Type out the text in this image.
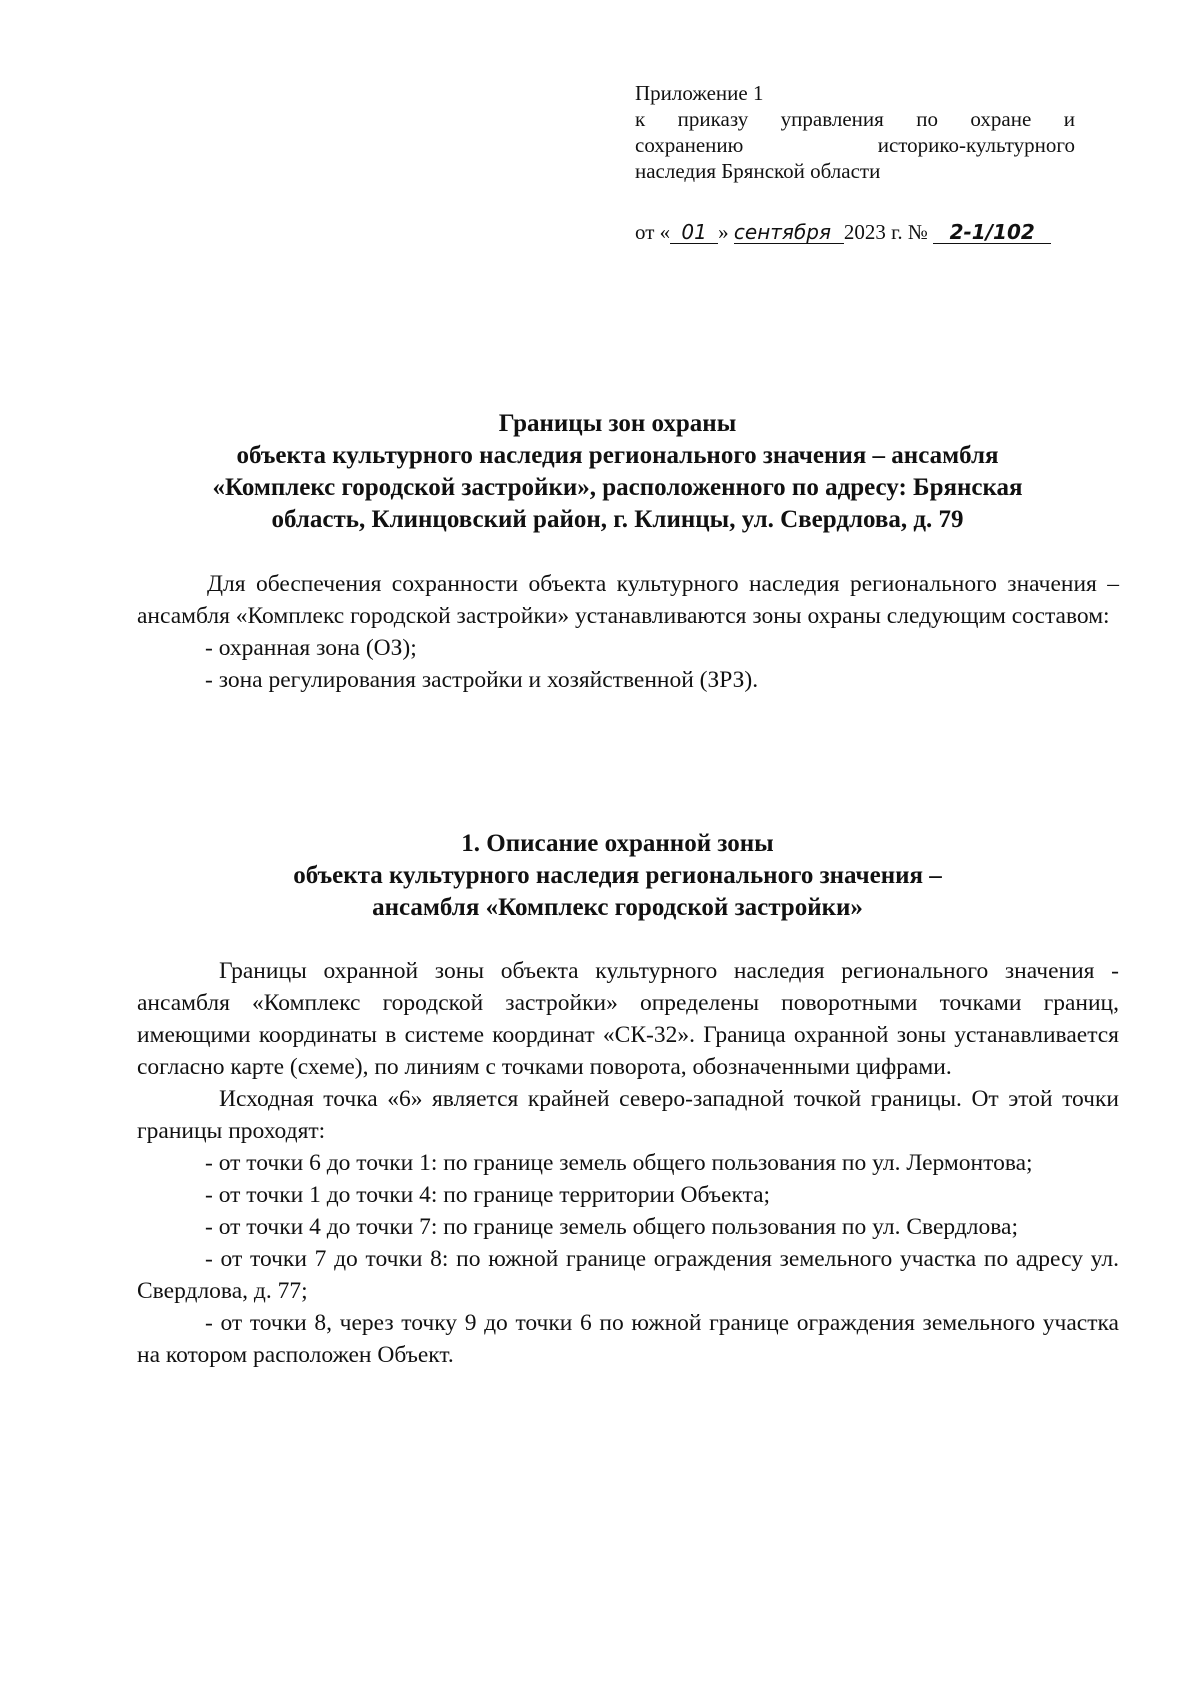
Приложение 1
к приказу управления по охране и
сохранению историко-культурного
наследия Брянской области
от « 01 » сентября 2023 г. № 2-1/102
Границы зон охраны
объекта культурного наследия регионального значения – ансамбля
«Комплекс городской застройки», расположенного по адресу: Брянская
область, Клинцовский район, г. Клинцы, ул. Свердлова, д. 79
Для обеспечения сохранности объекта культурного наследия регионального значения – ансамбля «Комплекс городской застройки» устанавливаются зоны охраны следующим составом:
- охранная зона (ОЗ);
- зона регулирования застройки и хозяйственной (ЗРЗ).
1. Описание охранной зоны
объекта культурного наследия регионального значения –
ансамбля «Комплекс городской застройки»
Границы охранной зоны объекта культурного наследия регионального значения - ансамбля «Комплекс городской застройки» определены поворотными точками границ, имеющими координаты в системе координат «СК-32». Граница охранной зоны устанавливается согласно карте (схеме), по линиям с точками поворота, обозначенными цифрами.
Исходная точка «6» является крайней северо-западной точкой границы. От этой точки границы проходят:
- от точки 6 до точки 1: по границе земель общего пользования по ул. Лермонтова;
- от точки 1 до точки 4: по границе территории Объекта;
- от точки 4 до точки 7: по границе земель общего пользования по ул. Свердлова;
- от точки 7 до точки 8: по южной границе ограждения земельного участка по адресу ул. Свердлова, д. 77;
- от точки 8, через точку 9 до точки 6 по южной границе ограждения земельного участка на котором расположен Объект.
